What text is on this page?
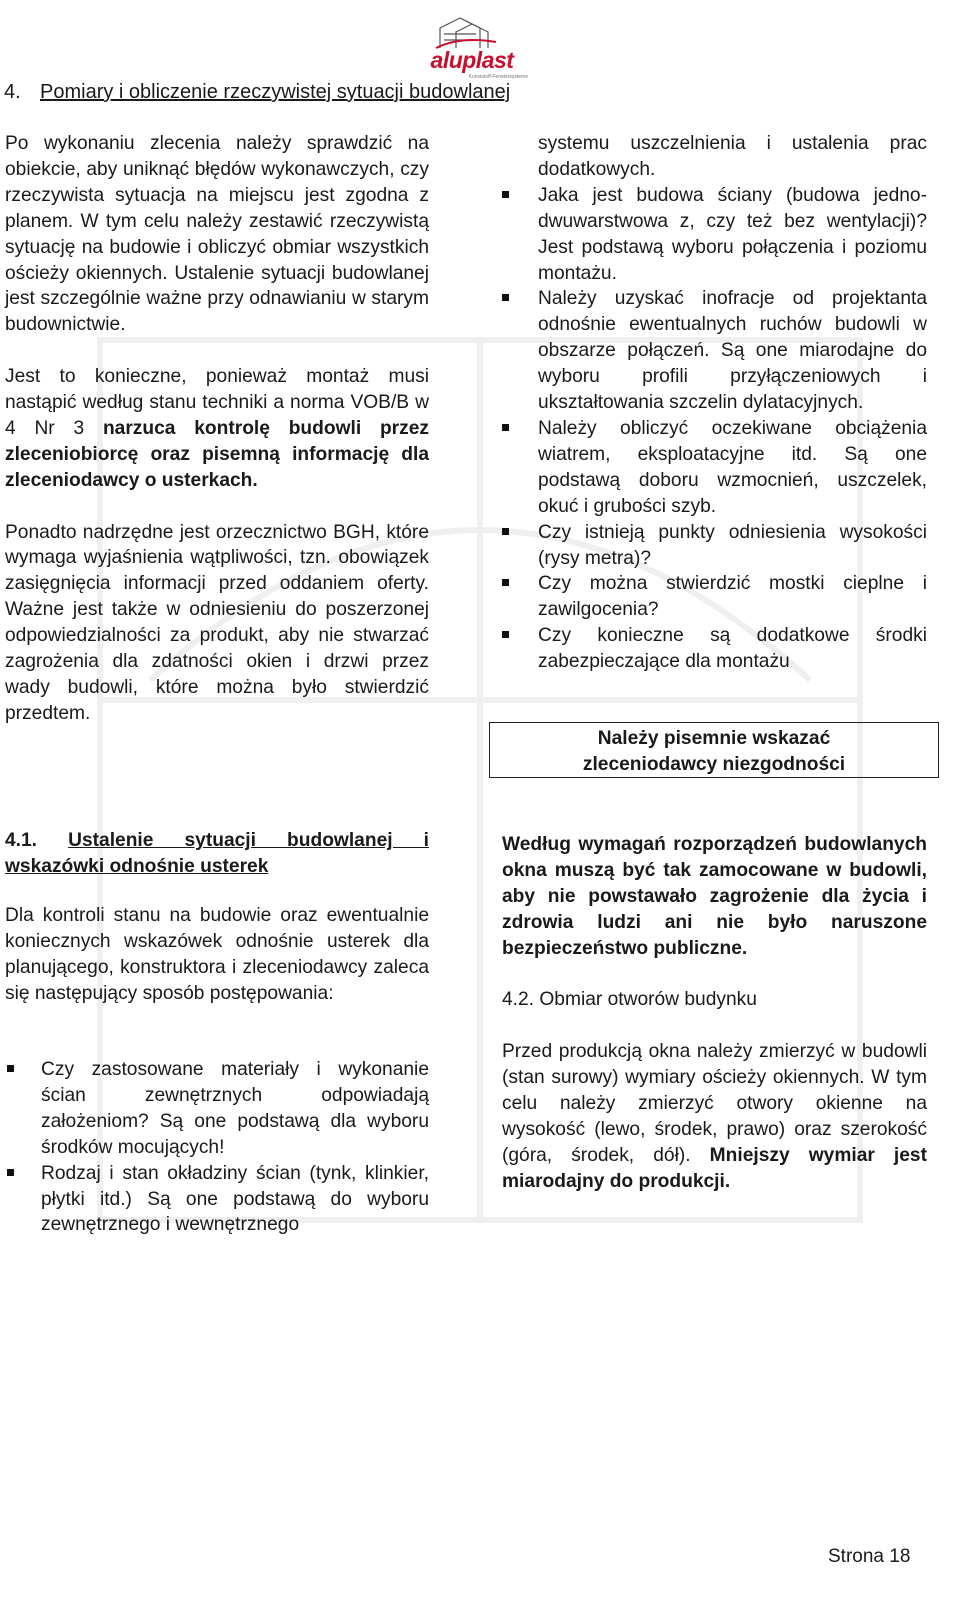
aluplast
Kunststoff-Fenstersysteme
4. Pomiary i obliczenie rzeczywistej sytuacji budowlanej

Po wykonaniu zlecenia należy sprawdzić na obiekcie, aby uniknąć błędów wykonawczych, czy rzeczywista sytuacja na miejscu jest zgodna z planem. W tym celu należy zestawić rzeczywistą sytuację na budowie i obliczyć obmiar wszystkich ościeży okiennych. Ustalenie sytuacji budowlanej jest szczególnie ważne przy odnawianiu w starym budownictwie.

Jest to konieczne, ponieważ montaż musi nastąpić według stanu techniki a norma VOB/B w 4 Nr 3 narzuca kontrolę budowli przez zleceniobiorcę oraz pisemną informację dla zleceniodawcy o usterkach.

Ponadto nadrzędne jest orzecznictwo BGH, które wymaga wyjaśnienia wątpliwości, tzn. obowiązek zasięgnięcia informacji przed oddaniem oferty. Ważne jest także w odniesieniu do poszerzonej odpowiedzialności za produkt, aby nie stwarzać zagrożenia dla zdatności okien i drzwi przez wady budowli, które można było stwierdzić przedtem.

4.1. Ustalenie sytuacji budowlanej i wskazówki odnośnie usterek

Dla kontroli stanu na budowie oraz ewentualnie koniecznych wskazówek odnośnie usterek dla planującego, konstruktora i zleceniodawcy zaleca się następujący sposób postępowania:

Czy zastosowane materiały i wykonanie ścian zewnętrznych odpowiadają założeniom? Są one podstawą dla wyboru środków mocujących!
Rodzaj i stan okładziny ścian (tynk, klinkier, płytki itd.) Są one podstawą do wyboru zewnętrznego i wewnętrznego
systemu uszczelnienia i ustalenia prac dodatkowych.
Jaka jest budowa ściany (budowa jedno- dwuwarstwowa z, czy też bez wentylacji)? Jest podstawą wyboru połączenia i poziomu montażu.
Należy uzyskać inofracje od projektanta odnośnie ewentualnych ruchów budowli w obszarze połączeń. Są one miarodajne do wyboru profili przyłączeniowych i ukształtowania szczelin dylatacyjnych.
Należy obliczyć oczekiwane obciążenia wiatrem, eksploatacyjne itd. Są one podstawą doboru wzmocnień, uszczelek, okuć i grubości szyb.
Czy istnieją punkty odniesienia wysokości (rysy metra)?
Czy można stwierdzić mostki cieplne i zawilgocenia?
Czy konieczne są dodatkowe środki zabezpieczające dla montażu
Należy pisemnie wskazać
zleceniodawcy niezgodności

Według wymagań rozporządzeń budowlanych okna muszą być tak zamocowane w budowli, aby nie powstawało zagrożenie dla życia i zdrowia ludzi ani nie było naruszone bezpieczeństwo publiczne.

4.2. Obmiar otworów budynku

Przed produkcją okna należy zmierzyć w budowli (stan surowy) wymiary ościeży okiennych. W tym celu należy zmierzyć otwory okienne na wysokość (lewo, środek, prawo) oraz szerokość (góra, środek, dół). Mniejszy wymiar jest miarodajny do produkcji.

Strona 18
